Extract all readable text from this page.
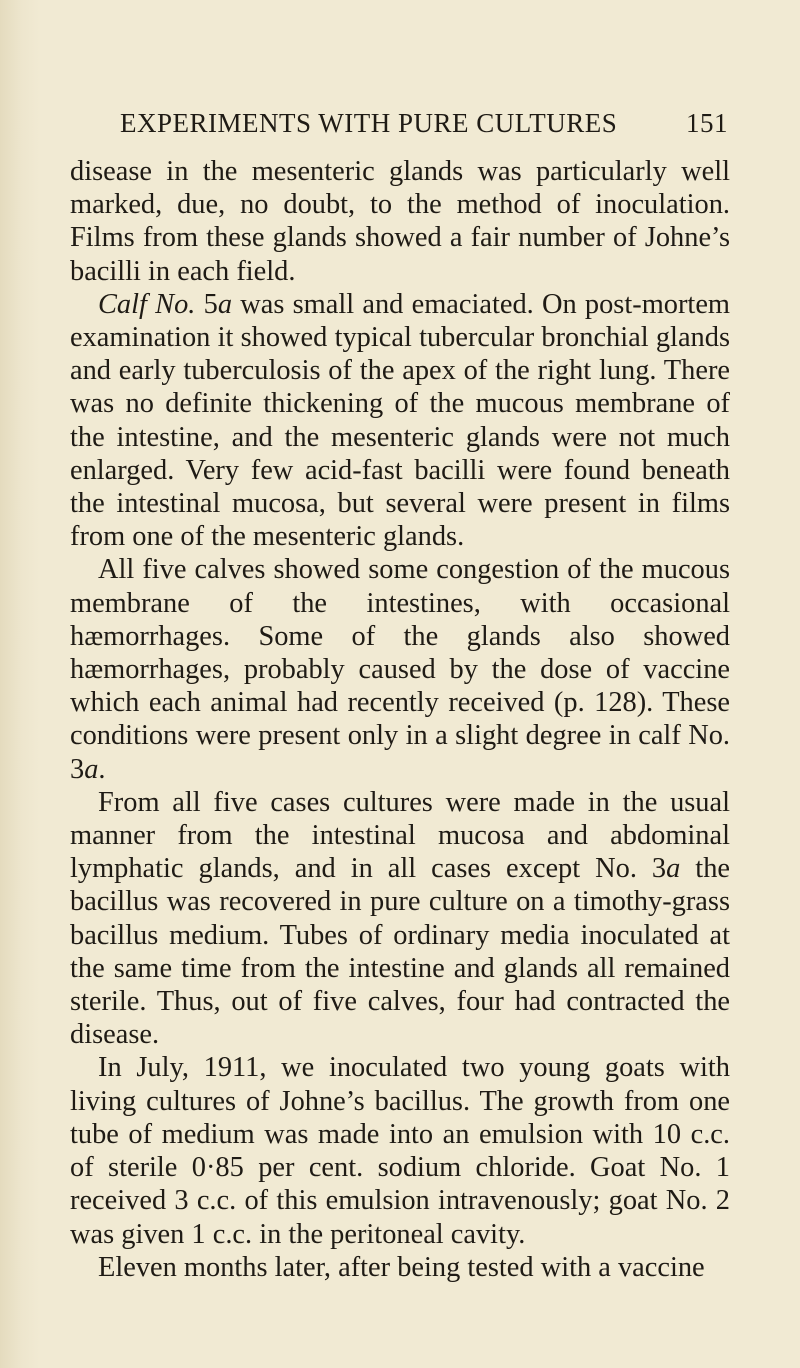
EXPERIMENTS WITH PURE CULTURES	151

disease in the mesenteric glands was particularly well marked, due, no doubt, to the method of inoculation. Films from these glands showed a fair number of Johne’s bacilli in each field.

Calf No. 5a was small and emaciated. On post-mortem examination it showed typical tubercular bronchial glands and early tuberculosis of the apex of the right lung. There was no definite thickening of the mucous membrane of the intestine, and the mesenteric glands were not much enlarged. Very few acid-fast bacilli were found beneath the intestinal mucosa, but several were present in films from one of the mesenteric glands.

All five calves showed some congestion of the mucous membrane of the intestines, with occasional hæmorrhages. Some of the glands also showed hæmorrhages, probably caused by the dose of vaccine which each animal had recently received (p. 128). These conditions were present only in a slight degree in calf No. 3a.

From all five cases cultures were made in the usual manner from the intestinal mucosa and abdominal lymphatic glands, and in all cases except No. 3a the bacillus was recovered in pure culture on a timothy-grass bacillus medium. Tubes of ordinary media inoculated at the same time from the intestine and glands all remained sterile. Thus, out of five calves, four had contracted the disease.

In July, 1911, we inoculated two young goats with living cultures of Johne’s bacillus. The growth from one tube of medium was made into an emulsion with 10 c.c. of sterile 0·85 per cent. sodium chloride. Goat No. 1 received 3 c.c. of this emulsion intravenously; goat No. 2 was given 1 c.c. in the peritoneal cavity.

Eleven months later, after being tested with a vaccine
